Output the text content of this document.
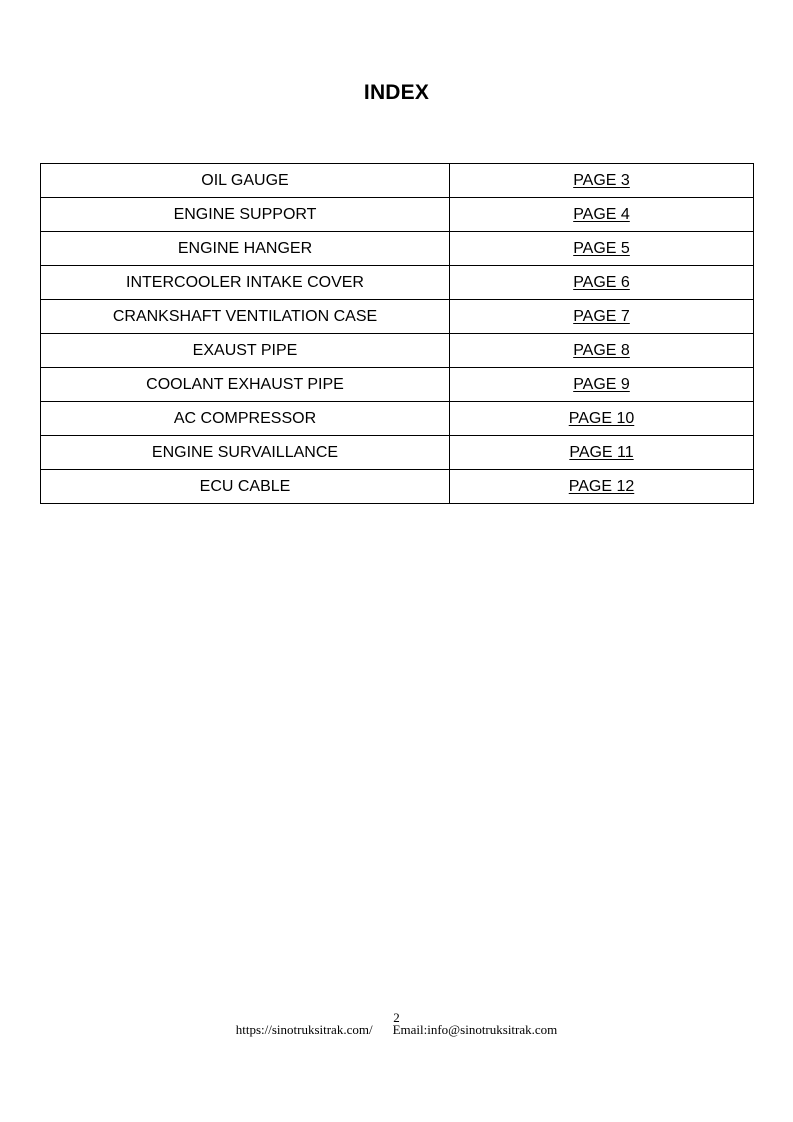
INDEX
OIL GAUGE	PAGE 3
ENGINE SUPPORT	PAGE 4
ENGINE HANGER	PAGE 5
INTERCOOLER INTAKE COVER	PAGE 6
CRANKSHAFT VENTILATION CASE	PAGE 7
EXAUST PIPE	PAGE 8
COOLANT EXHAUST PIPE	PAGE 9
AC COMPRESSOR	PAGE 10
ENGINE SURVAILLANCE	PAGE 11
ECU CABLE	PAGE 12
2
https://sinotruksitrak.com/ Email:info@sinotruksitrak.com
